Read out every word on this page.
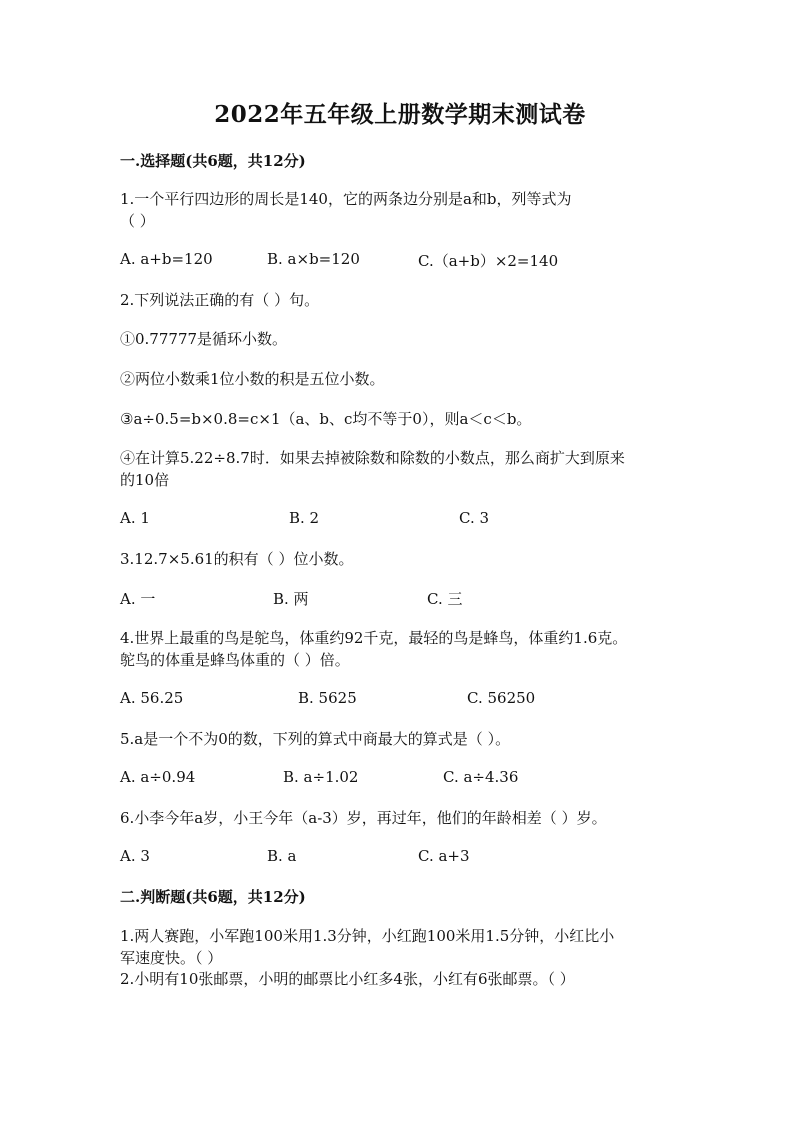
2022年五年级上册数学期末测试卷
一.选择题(共6题，共12分)
1.一个平行四边形的周长是140，它的两条边分别是a和b，列等式为
（ ）
A. a+b=120	B. a×b=120	C.（a+b）×2=140
2.下列说法正确的有（ ）句。
①0.77777是循环小数。
②两位小数乘1位小数的积是五位小数。
③a÷0.5=b×0.8=c×1（a、b、c均不等于0），则a＜c＜b。
④在计算5.22÷8.7时．如果去掉被除数和除数的小数点，那么商扩大到原来
的10倍
A. 1	B. 2	C. 3
3.12.7×5.61的积有（ ）位小数。
A. 一	B. 两	C. 三
4.世界上最重的鸟是鸵鸟，体重约92千克，最轻的鸟是蜂鸟，体重约1.6克。
鸵鸟的体重是蜂鸟体重的（ ）倍。
A. 56.25	B. 5625	C. 56250
5.a是一个不为0的数，下列的算式中商最大的算式是（ ）。
A. a÷0.94	B. a÷1.02	C. a÷4.36
6.小李今年a岁，小王今年（a-3）岁，再过年，他们的年龄相差（ ）岁。
A. 3	B. a	C. a+3
二.判断题(共6题，共12分)
1.两人赛跑，小军跑100米用1.3分钟，小红跑100米用1.5分钟，小红比小
军速度快。（ ）
2.小明有10张邮票，小明的邮票比小红多4张，小红有6张邮票。（ ）
